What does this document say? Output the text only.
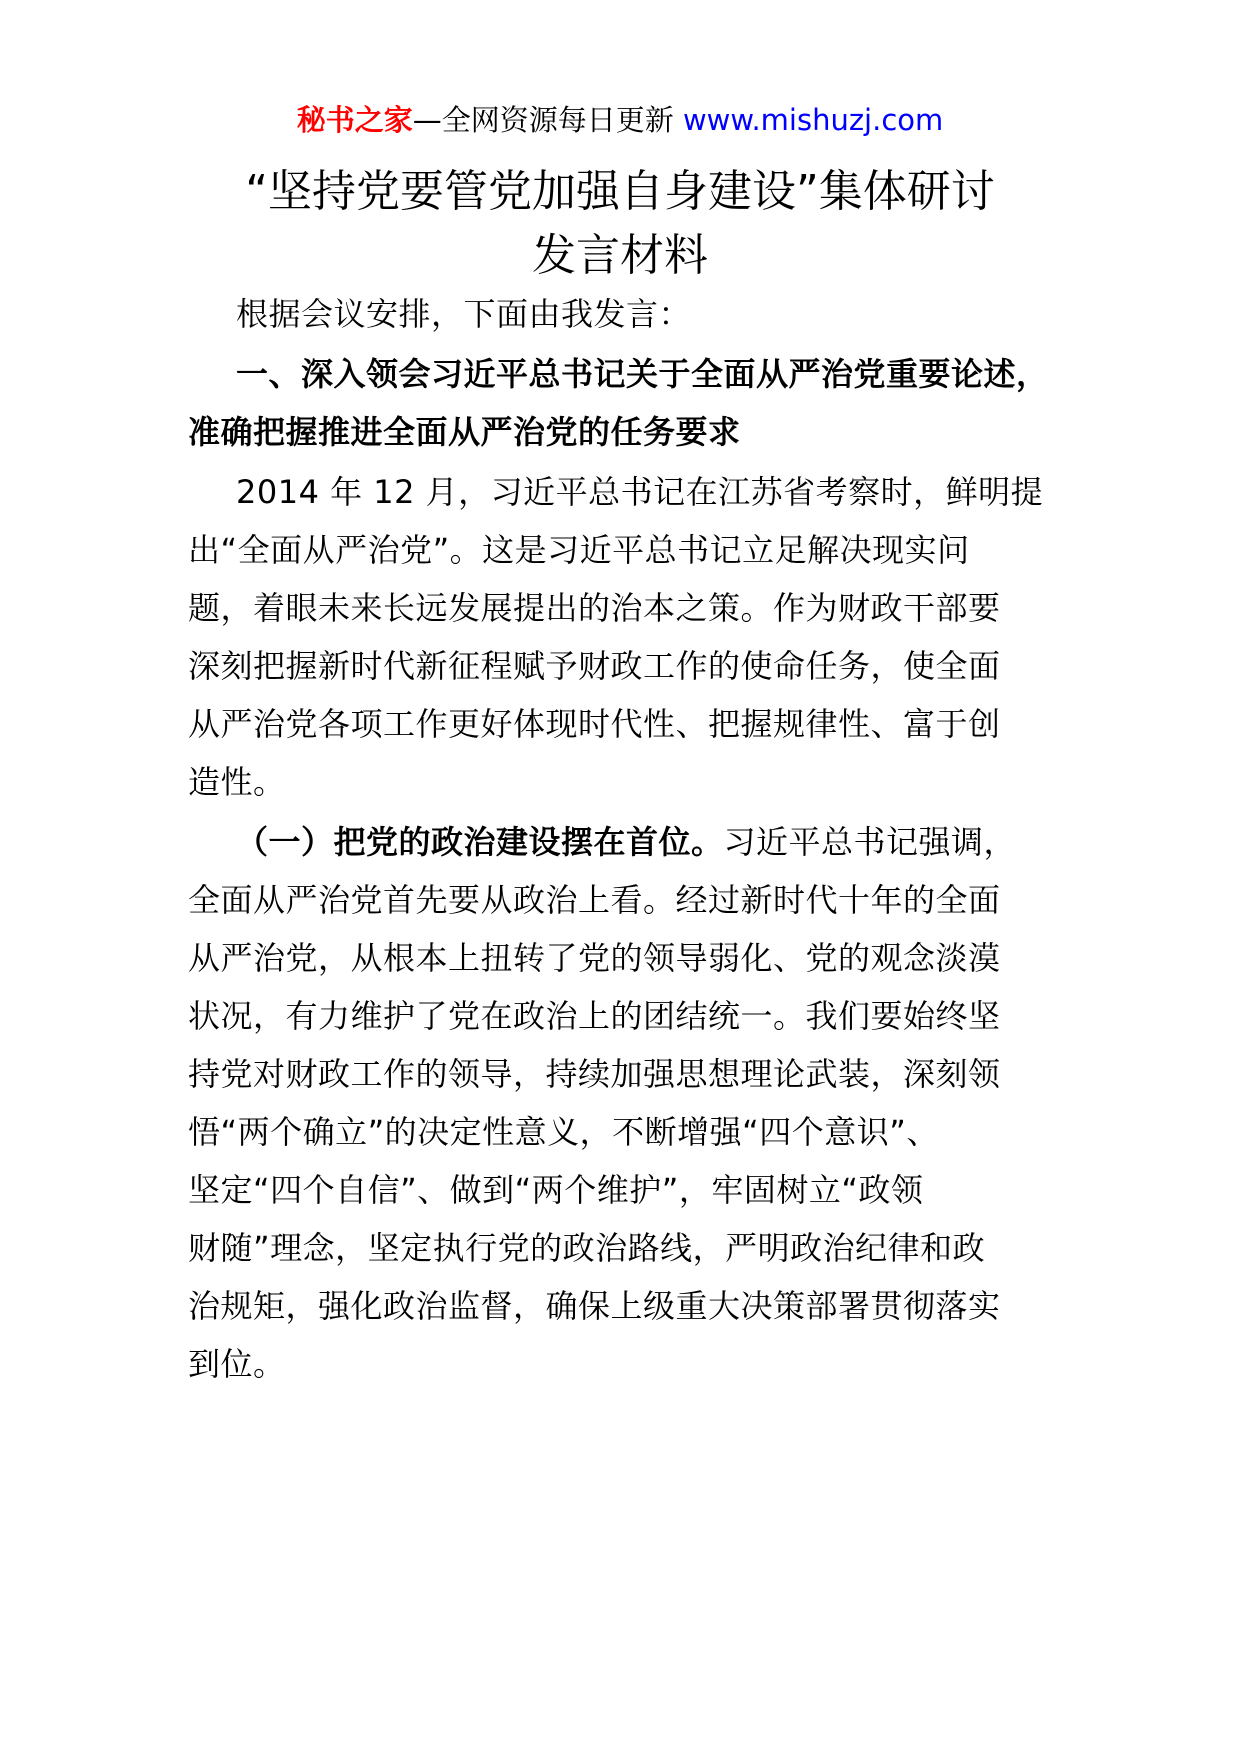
秘书之家—全网资源每日更新 www.mishuzj.com
“坚持党要管党加强自身建设”集体研讨
发言材料
根据会议安排，下面由我发言：
一、深入领会习近平总书记关于全面从严治党重要论述，
准确把握推进全面从严治党的任务要求
2014 年 12 月，习近平总书记在江苏省考察时，鲜明提
出“全面从严治党”。这是习近平总书记立足解决现实问
题，着眼未来长远发展提出的治本之策。作为财政干部要
深刻把握新时代新征程赋予财政工作的使命任务，使全面
从严治党各项工作更好体现时代性、把握规律性、富于创
造性。
（一）把党的政治建设摆在首位。习近平总书记强调，
全面从严治党首先要从政治上看。经过新时代十年的全面
从严治党，从根本上扭转了党的领导弱化、党的观念淡漠
状况，有力维护了党在政治上的团结统一。我们要始终坚
持党对财政工作的领导，持续加强思想理论武装，深刻领
悟“两个确立”的决定性意义，不断增强“四个意识”、
坚定“四个自信”、做到“两个维护”，牢固树立“政领
财随”理念，坚定执行党的政治路线，严明政治纪律和政
治规矩，强化政治监督，确保上级重大决策部署贯彻落实
到位。
